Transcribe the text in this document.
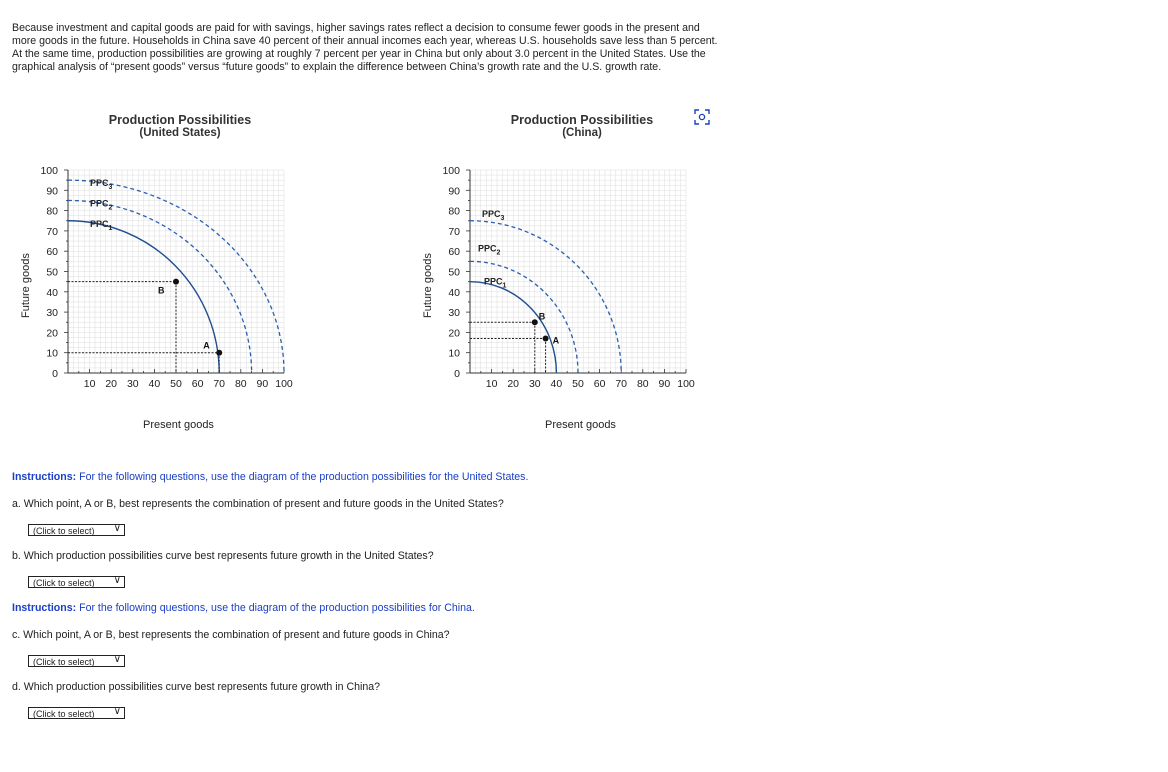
Because investment and capital goods are paid for with savings, higher savings rates reflect a decision to consume fewer goods in the present and more goods in the future. Households in China save 40 percent of their annual incomes each year, whereas U.S. households save less than 5 percent. At the same time, production possibilities are growing at roughly 7 percent per year in China but only about 3.0 percent in the United States. Use the graphical analysis of “present goods” versus “future goods” to explain the difference between China’s growth rate and the U.S. growth rate.

Production Possibilities
(United States)
Future goods
Present goods
10 20 30 40 50 60 70 80 90 100
0
10
20
30
40
50
60
70
80
90
100
$PPC_1$
$PPC_2$
$PPC_3$
B
A
Production Possibilities
(China)
Future goods
Present goods
10 20 30 40 50 60 70 80 90 100
0
10
20
30
40
50
60
70
80
90
100
$PPC_1$
$PPC_2$
$PPC_3$
B
A

Instructions: For the following questions, use the diagram of the production possibilities for the United States.

a. Which point, A or B, best represents the combination of present and future goods in the United States?

(Click to select) ∨

b. Which production possibilities curve best represents future growth in the United States?

(Click to select) ∨

Instructions: For the following questions, use the diagram of the production possibilities for China.

c. Which point, A or B, best represents the combination of present and future goods in China?

(Click to select) ∨

d. Which production possibilities curve best represents future growth in China?

(Click to select) ∨
